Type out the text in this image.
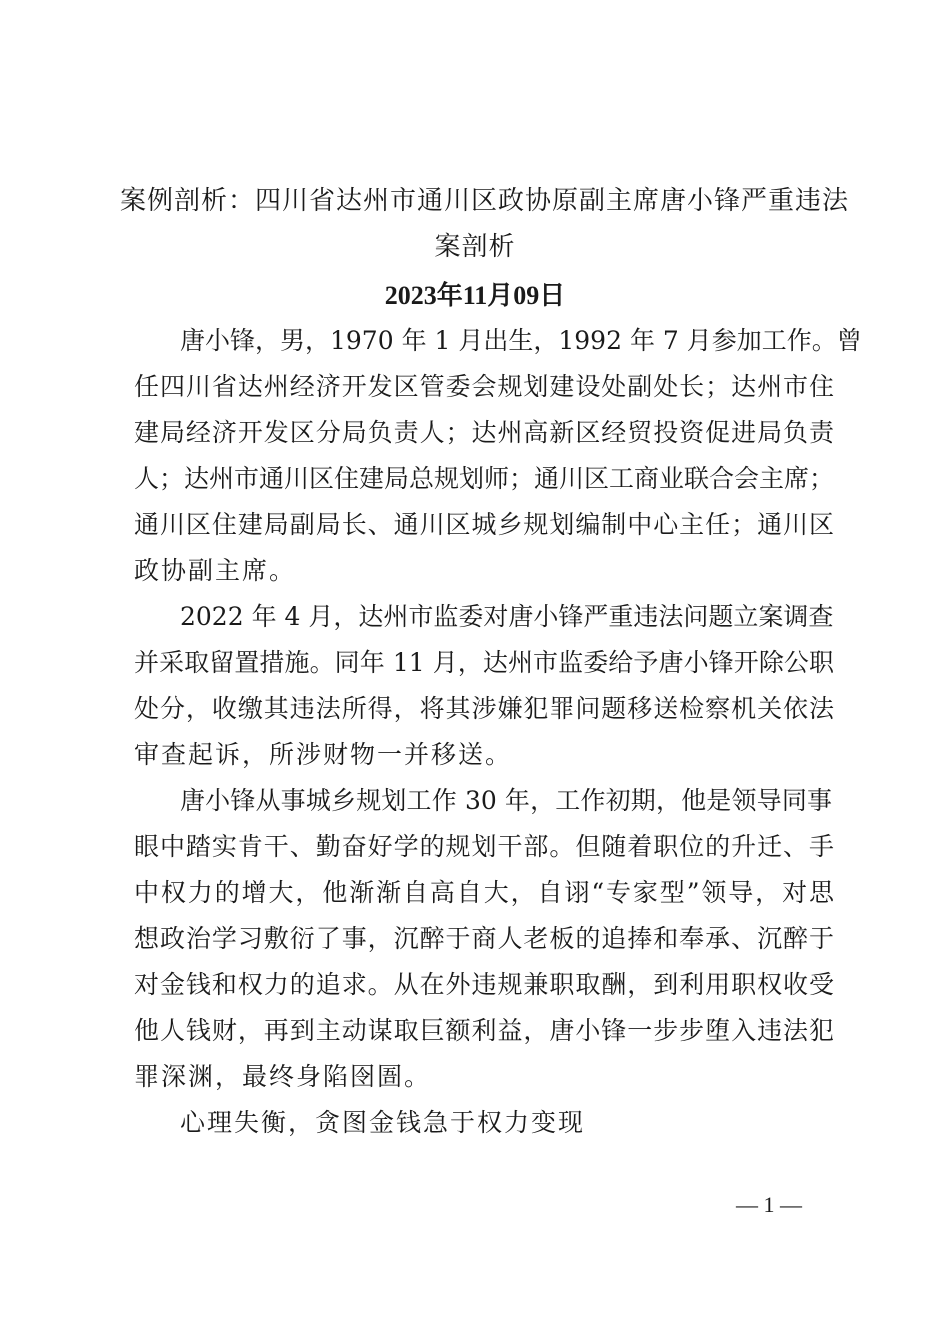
案例剖析：四川省达州市通川区政协原副主席唐小锋严重违法
案剖析
2023年11月09日
唐小锋，男，1970 年 1 月出生，1992 年 7 月参加工作。曾
任四川省达州经济开发区管委会规划建设处副处长；达州市住
建局经济开发区分局负责人；达州高新区经贸投资促进局负责
人；达州市通川区住建局总规划师；通川区工商业联合会主席；
通川区住建局副局长、通川区城乡规划编制中心主任；通川区
政协副主席。
2022 年 4 月，达州市监委对唐小锋严重违法问题立案调查
并采取留置措施。同年 11 月，达州市监委给予唐小锋开除公职
处分，收缴其违法所得，将其涉嫌犯罪问题移送检察机关依法
审查起诉，所涉财物一并移送。
唐小锋从事城乡规划工作 30 年，工作初期，他是领导同事
眼中踏实肯干、勤奋好学的规划干部。但随着职位的升迁、手
中权力的增大，他渐渐自高自大，自诩“专家型”领导，对思
想政治学习敷衍了事，沉醉于商人老板的追捧和奉承、沉醉于
对金钱和权力的追求。从在外违规兼职取酬，到利用职权收受
他人钱财，再到主动谋取巨额利益，唐小锋一步步堕入违法犯
罪深渊，最终身陷囹圄。
心理失衡，贪图金钱急于权力变现
— 1 —
